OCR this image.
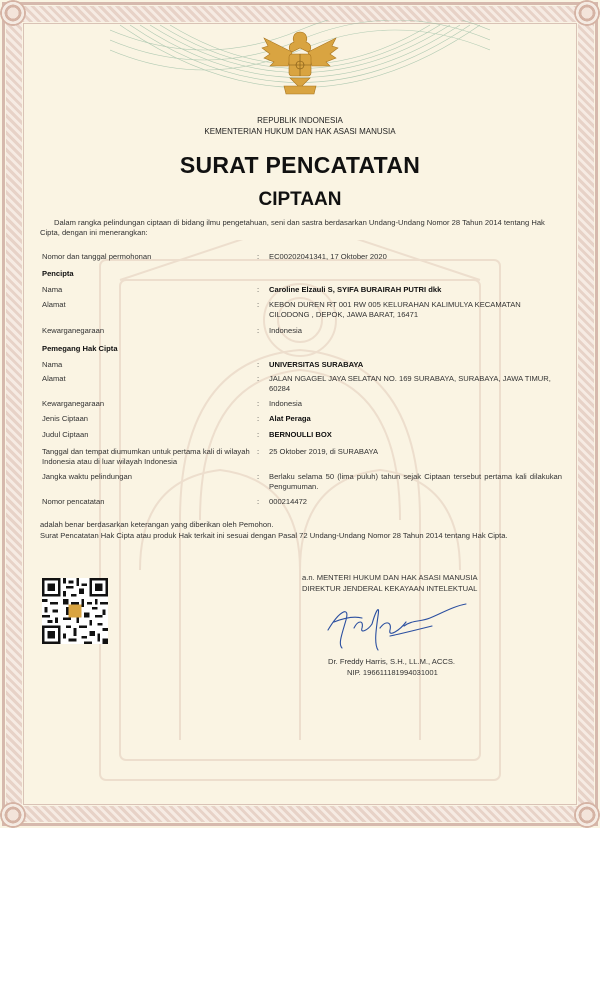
REPUBLIK INDONESIA
KEMENTERIAN HUKUM DAN HAK ASASI MANUSIA
SURAT PENCATATAN
CIPTAAN
Dalam rangka pelindungan ciptaan di bidang ilmu pengetahuan, seni dan sastra berdasarkan Undang-Undang Nomor 28 Tahun 2014 tentang Hak Cipta, dengan ini menerangkan:
Nomor dan tanggal permohonan	: EC00202041341, 17 Oktober 2020
Pencipta
Nama	: Caroline Elzauli S, SYIFA BURAIRAH PUTRI dkk
Alamat	: KEBON DUREN RT 001 RW 005 KELURAHAN KALIMULYA KECAMATAN CILODONG , DEPOK, JAWA BARAT, 16471
Kewarganegaraan	: Indonesia
Pemegang Hak Cipta
Nama	: UNIVERSITAS SURABAYA
Alamat	: JALAN NGAGEL JAYA SELATAN NO. 169 SURABAYA, SURABAYA, JAWA TIMUR, 60284
Kewarganegaraan	: Indonesia
Jenis Ciptaan	: Alat Peraga
Judul Ciptaan	: BERNOULLI BOX
Tanggal dan tempat diumumkan untuk pertama kali di wilayah Indonesia atau di luar wilayah Indonesia
: 25 Oktober 2019, di SURABAYA
Jangka waktu pelindungan	: Berlaku selama 50 (lima puluh) tahun sejak Ciptaan tersebut pertama kali dilakukan Pengumuman.
Nomor pencatatan	: 000214472
adalah benar berdasarkan keterangan yang diberikan oleh Pemohon.
Surat Pencatatan Hak Cipta atau produk Hak terkait ini sesuai dengan Pasal 72 Undang-Undang Nomor 28 Tahun 2014 tentang Hak Cipta.
a.n. MENTERI HUKUM DAN HAK ASASI MANUSIA
DIREKTUR JENDERAL KEKAYAAN INTELEKTUAL
Dr. Freddy Harris, S.H., LL.M., ACCS.
NIP. 196611181994031001
